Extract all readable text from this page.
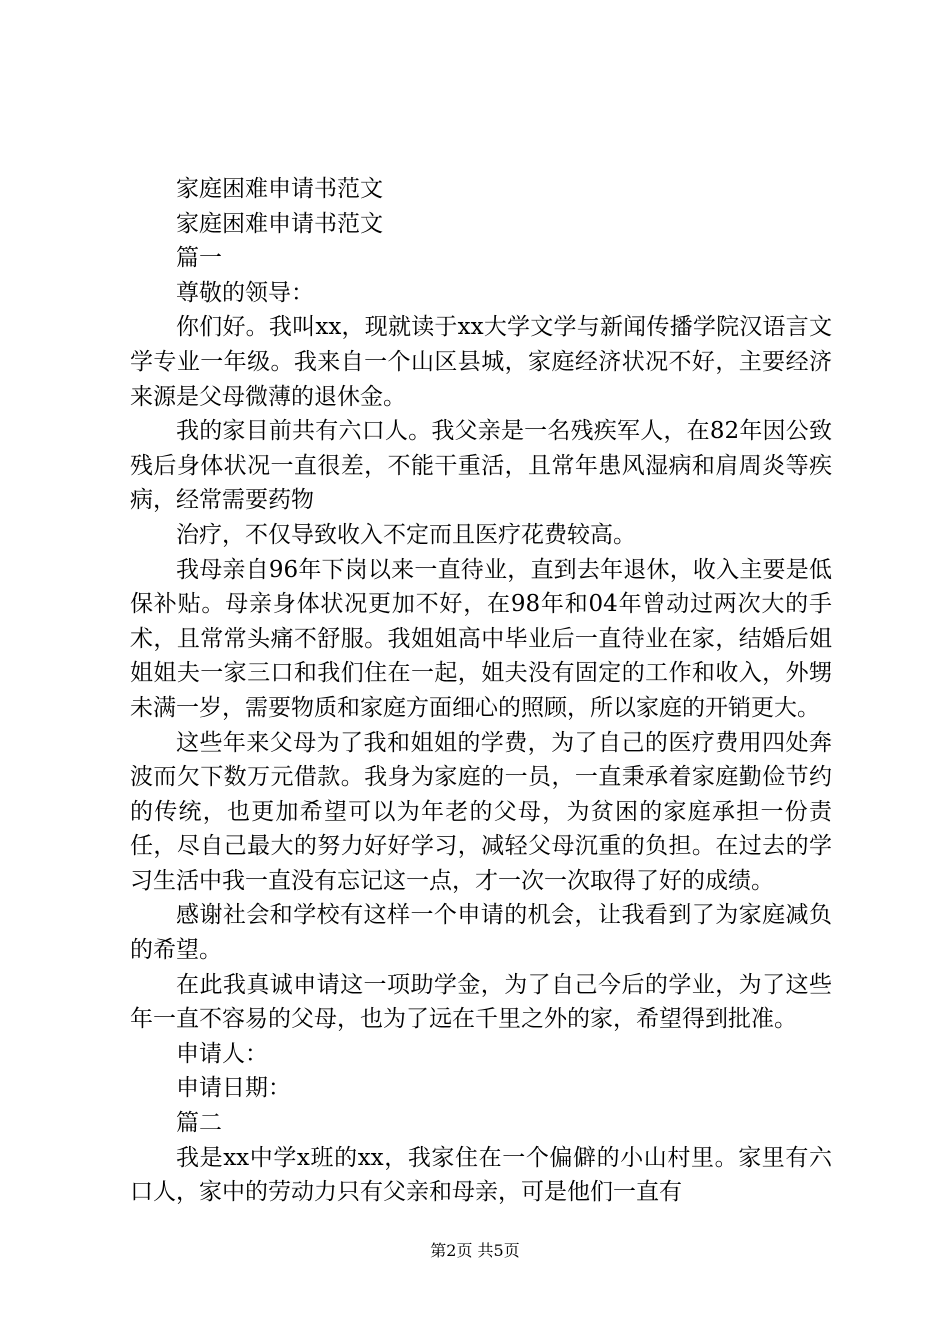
家庭困难申请书范文
家庭困难申请书范文
篇一
尊敬的领导：
你们好。我叫xx，现就读于xx大学文学与新闻传播学院汉语言文学专业一年级。我来自一个山区县城，家庭经济状况不好，主要经济来源是父母微薄的退休金。
我的家目前共有六口人。我父亲是一名残疾军人，在82年因公致残后身体状况一直很差，不能干重活，且常年患风湿病和肩周炎等疾病，经常需要药物
治疗，不仅导致收入不定而且医疗花费较高。
我母亲自96年下岗以来一直待业，直到去年退休，收入主要是低保补贴。母亲身体状况更加不好，在98年和04年曾动过两次大的手术，且常常头痛不舒服。我姐姐高中毕业后一直待业在家，结婚后姐姐姐夫一家三口和我们住在一起，姐夫没有固定的工作和收入，外甥未满一岁，需要物质和家庭方面细心的照顾，所以家庭的开销更大。
这些年来父母为了我和姐姐的学费，为了自己的医疗费用四处奔波而欠下数万元借款。我身为家庭的一员，一直秉承着家庭勤俭节约的传统，也更加希望可以为年老的父母，为贫困的家庭承担一份责任，尽自己最大的努力好好学习，减轻父母沉重的负担。在过去的学习生活中我一直没有忘记这一点，才一次一次取得了好的成绩。
感谢社会和学校有这样一个申请的机会，让我看到了为家庭减负的希望。
在此我真诚申请这一项助学金，为了自己今后的学业，为了这些年一直不容易的父母，也为了远在千里之外的家，希望得到批准。
申请人：
申请日期：
篇二
我是xx中学x班的xx，我家住在一个偏僻的小山村里。家里有六口人，家中的劳动力只有父亲和母亲，可是他们一直有
第2页 共5页
